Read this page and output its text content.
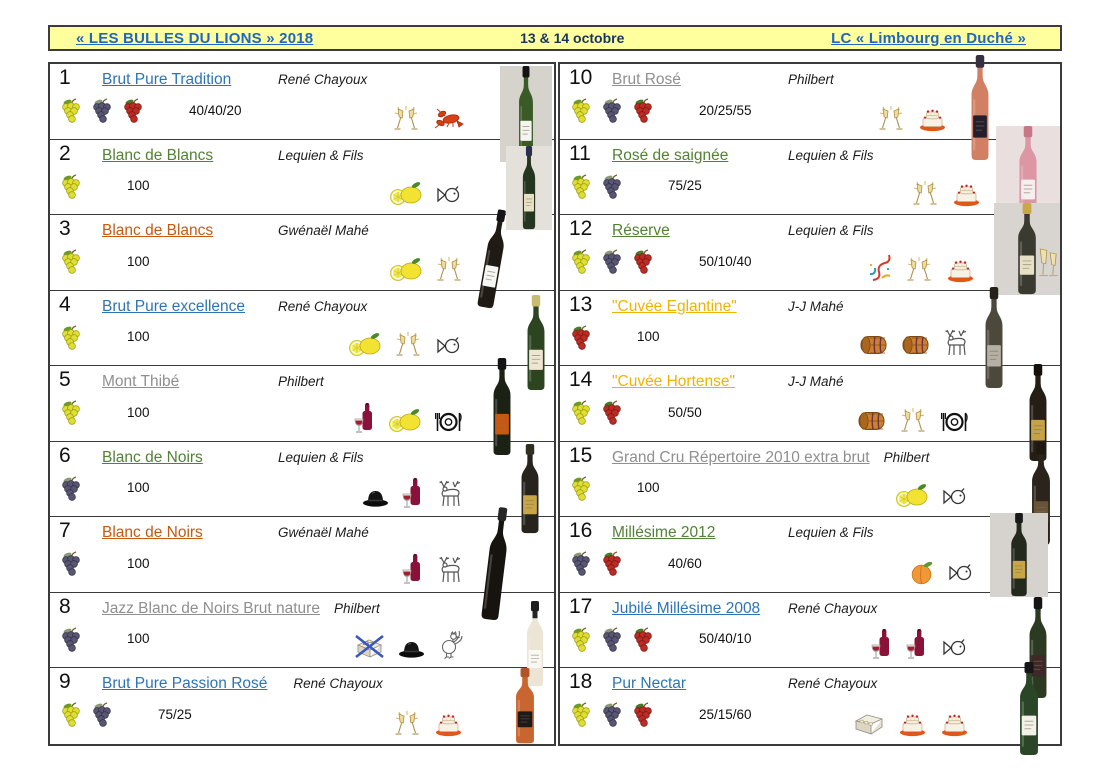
« LES BULLES DU LIONS » 2018	13 & 14 octobre	LC « Limbourg en Duché »
1 Brut Pure Tradition	René Chayoux
40/40/20
2 Blanc de Blancs	Lequien & Fils
100
3 Blanc de Blancs	Gwénaël Mahé
100
4 Brut Pure excellence	René Chayoux
100
5 Mont Thibé	Philbert
100
6 Blanc de Noirs	Lequien & Fils
100
7 Blanc de Noirs	Gwénaël Mahé
100
8 Jazz Blanc de Noirs Brut nature Philbert
100
9 Brut Pure Passion Rosé René Chayoux
75/25
10 Brut Rosé	Philbert
20/25/55
11 Rosé de saignée	Lequien & Fils
75/25
12 Réserve	Lequien & Fils
50/10/40
13 "Cuvée Eglantine"	J-J Mahé
100
14 "Cuvée Hortense"	J-J Mahé
50/50
15 Grand Cru Répertoire 2010 extra brut Philbert
100
16 Millésime 2012	Lequien & Fils
40/60
17 Jubilé Millésime 2008 René Chayoux
50/40/10
18 Pur Nectar	René Chayoux
25/15/60
